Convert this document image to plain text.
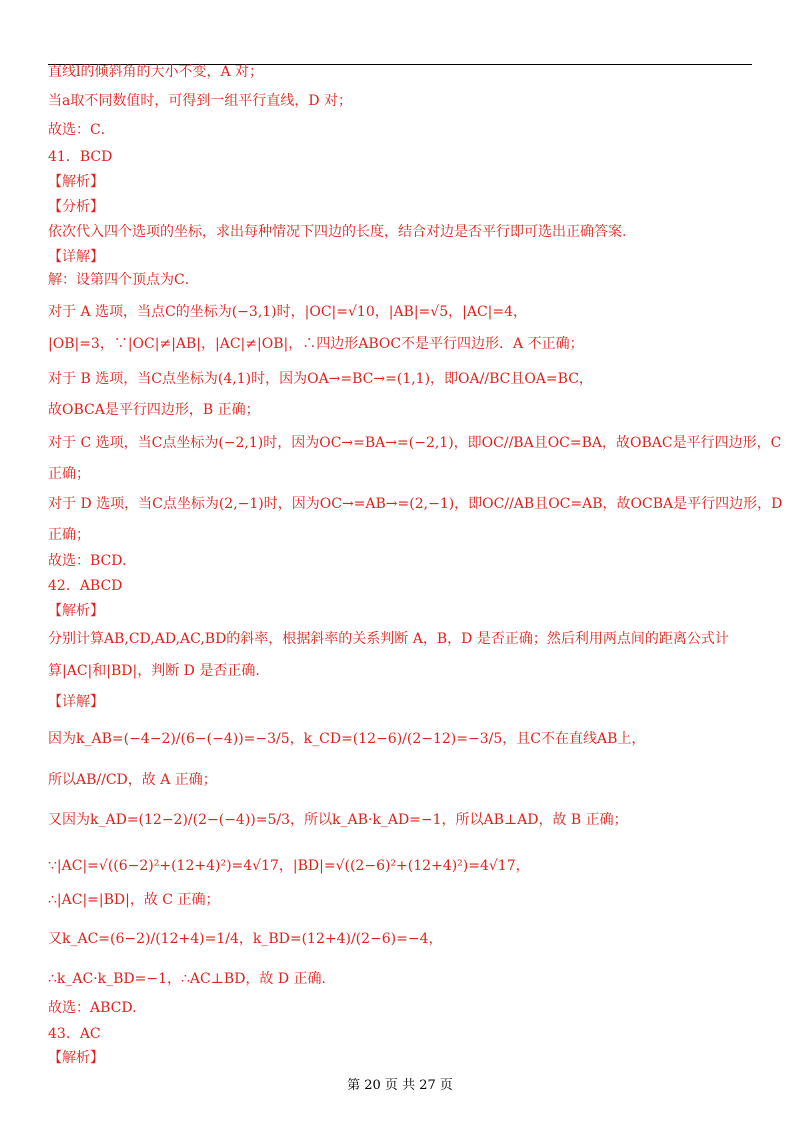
直线l的倾斜角的大小不变，A 对；
当a取不同数值时，可得到一组平行直线，D 对；
故选：C．
41．BCD
【解析】
【分析】
依次代入四个选项的坐标，求出每种情况下四边的长度，结合对边是否平行即可选出正确答案.
【详解】
解：设第四个顶点为C．
对于 A 选项，当点C的坐标为(−3,1)时，|OC|=√10，|AB|=√5，|AC|=4，
|OB|=3，∵|OC|≠|AB|，|AC|≠|OB|，∴四边形ABOC不是平行四边形．A 不正确；
对于 B 选项，当C点坐标为(4,1)时，因为OA→=BC→=(1,1)，即OA//BC且OA=BC，
故OBCA是平行四边形，B 正确；
对于 C 选项，当C点坐标为(−2,1)时，因为OC→=BA→=(−2,1)，即OC//BA且OC=BA，故OBAC是平行四边形，C
正确；
对于 D 选项，当C点坐标为(2,−1)时，因为OC→=AB→=(2,−1)，即OC//AB且OC=AB，故OCBA是平行四边形，D
正确；
故选：BCD.
42．ABCD
【解析】
分别计算AB,CD,AD,AC,BD的斜率，根据斜率的关系判断 A，B，D 是否正确；然后利用两点间的距离公式计
算|AC|和|BD|，判断 D 是否正确.
【详解】
因为k_AB=(−4−2)/(6−(−4))=−3/5，k_CD=(12−6)/(2−12)=−3/5，且C不在直线AB上，
所以AB//CD，故 A 正确；
又因为k_AD=(12−2)/(2−(−4))=5/3，所以k_AB·k_AD=−1，所以AB⊥AD，故 B 正确；
∵|AC|=√((6−2)²+(12+4)²)=4√17，|BD|=√((2−6)²+(12+4)²)=4√17，
∴|AC|=|BD|，故 C 正确；
又k_AC=(6−2)/(12+4)=1/4，k_BD=(12+4)/(2−6)=−4，
∴k_AC·k_BD=−1，∴AC⊥BD，故 D 正确.
故选：ABCD.
43．AC
【解析】
第 20 页 共 27 页
